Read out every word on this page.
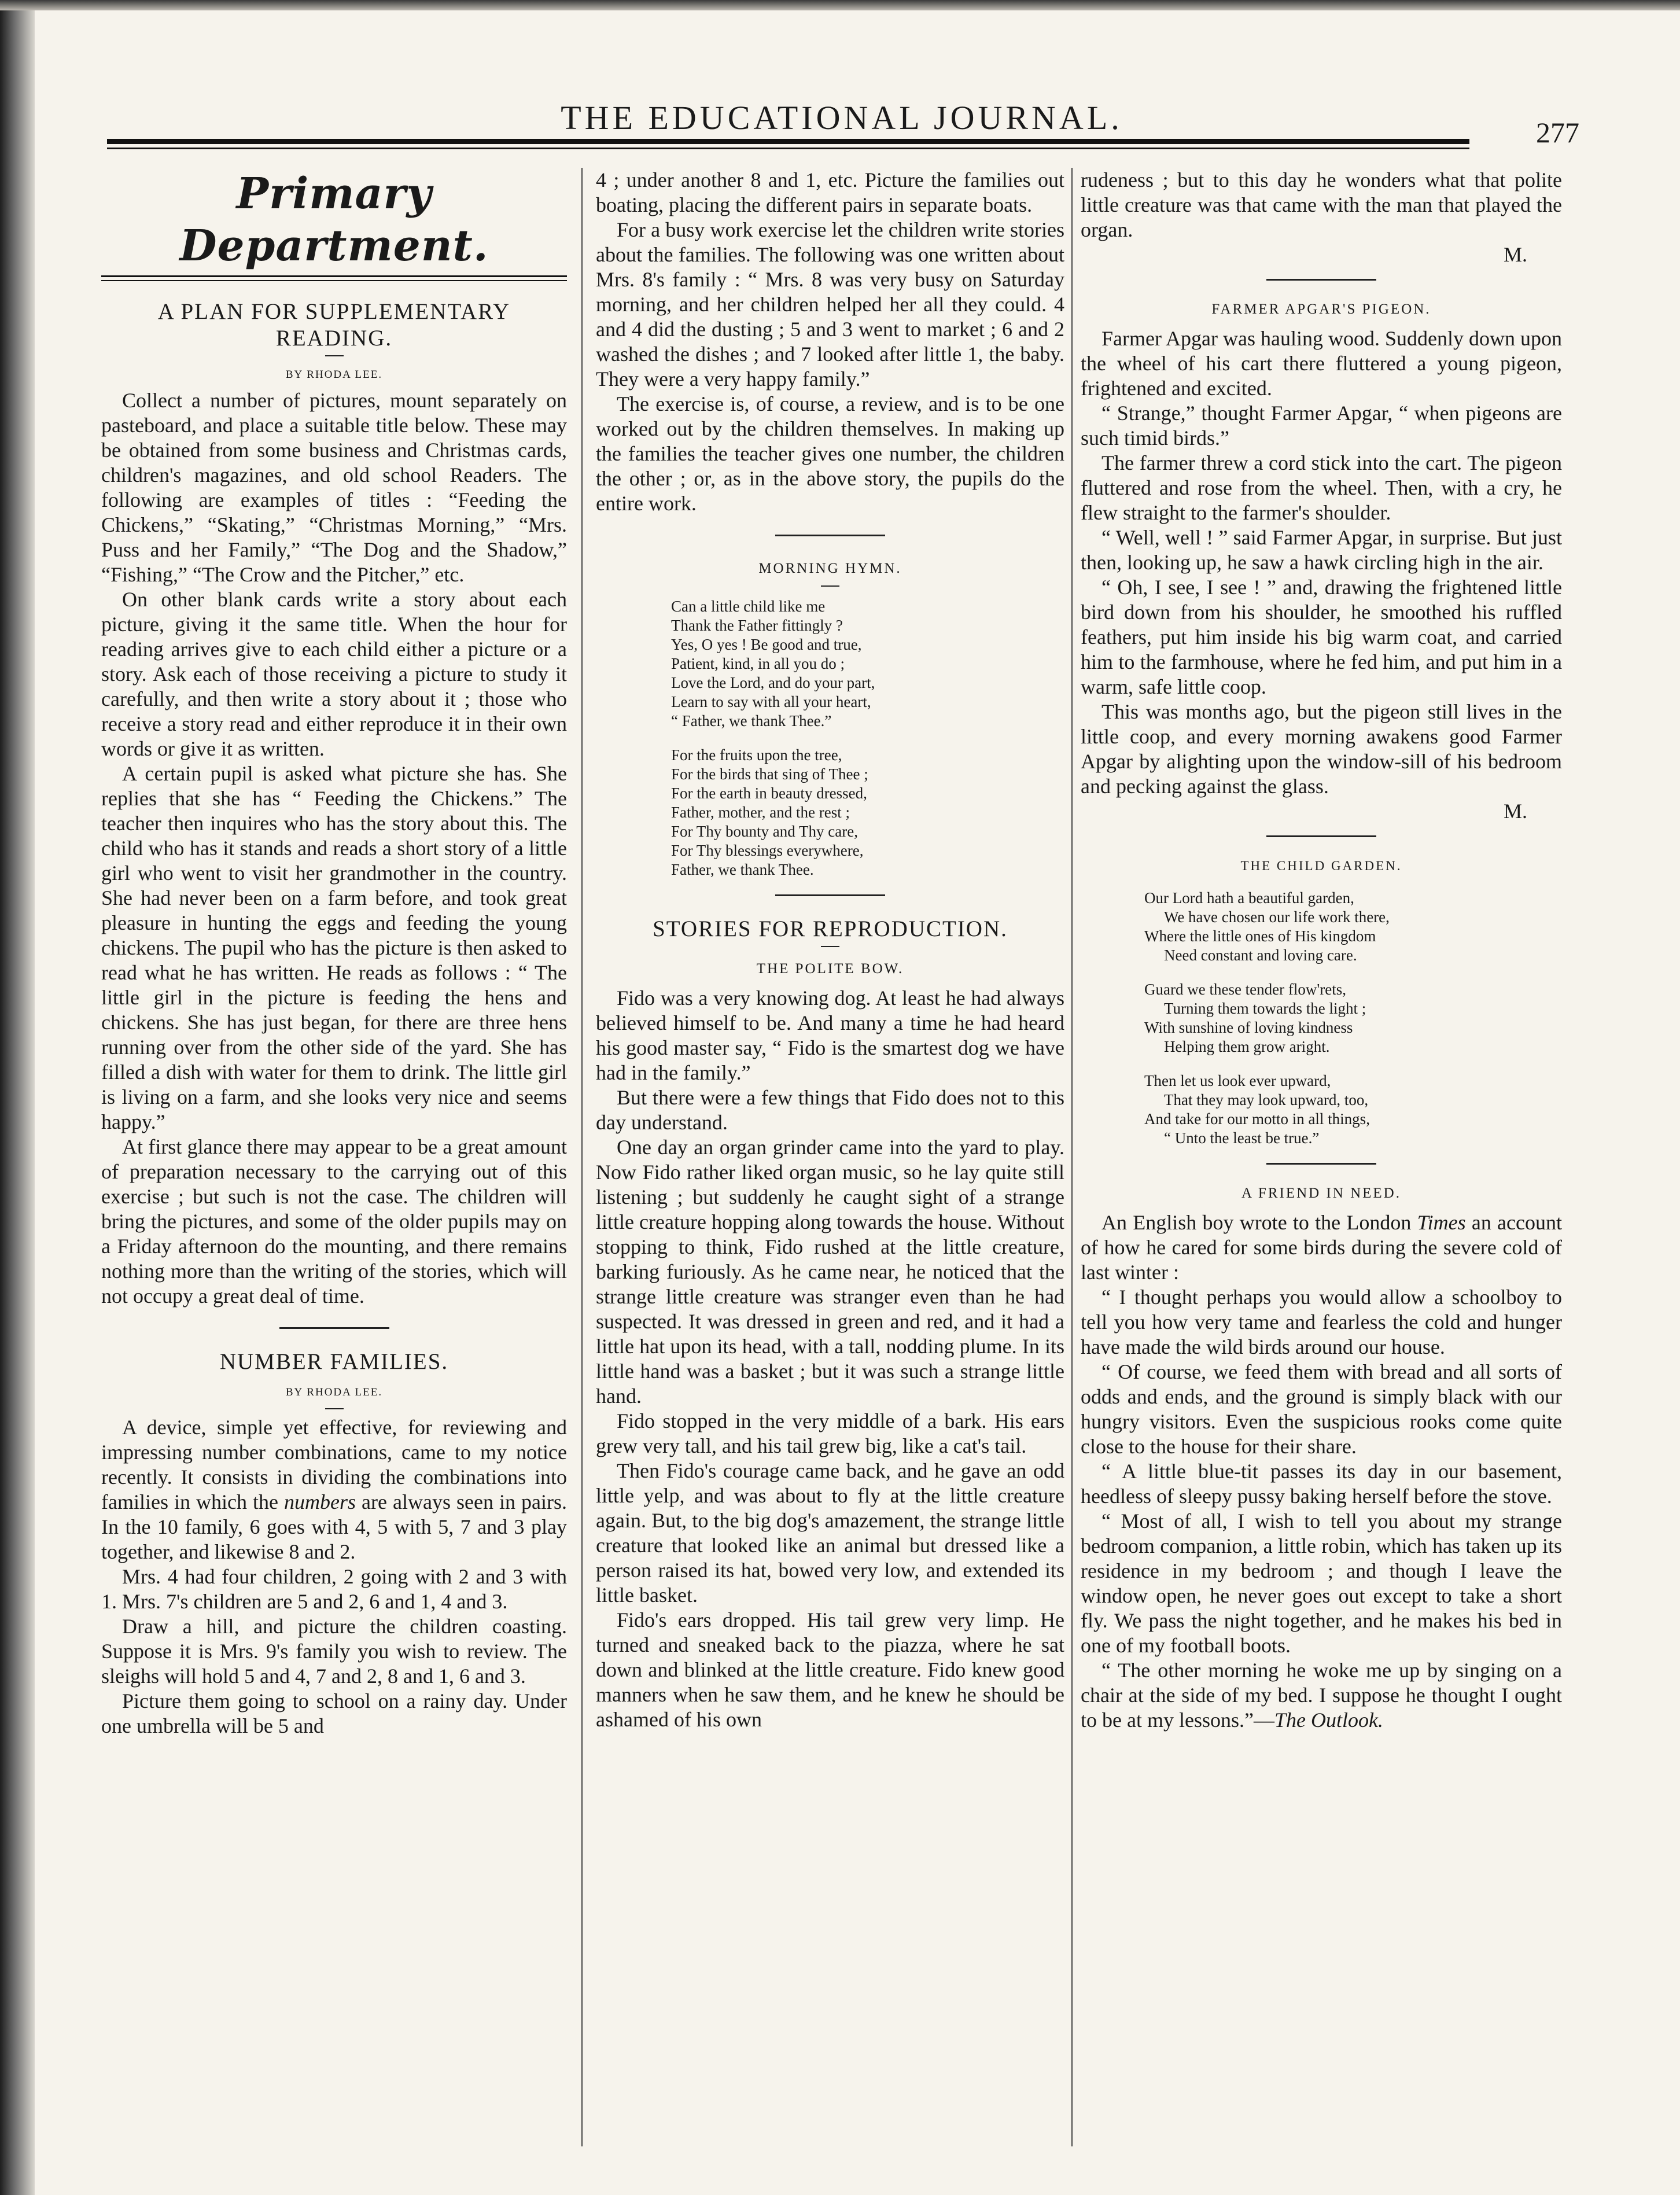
THE EDUCATIONAL JOURNAL.	277
Primary Department.
A PLAN FOR SUPPLEMENTARY READING.
BY RHODA LEE.

Collect a number of pictures, mount separately on pasteboard, and place a suitable title below. These may be obtained from some business and Christmas cards, children's magazines, and old school Readers. The following are examples of titles : “Feeding the Chickens,” “Skating,” “Christmas Morning,” “Mrs. Puss and her Family,” “The Dog and the Shadow,” “Fishing,” “The Crow and the Pitcher,” etc.

On other blank cards write a story about each picture, giving it the same title. When the hour for reading arrives give to each child either a picture or a story. Ask each of those receiving a picture to study it carefully, and then write a story about it ; those who receive a story read and either reproduce it in their own words or give it as written.

A certain pupil is asked what picture she has. She replies that she has “ Feeding the Chickens.” The teacher then inquires who has the story about this. The child who has it stands and reads a short story of a little girl who went to visit her grandmother in the country. She had never been on a farm before, and took great pleasure in hunting the eggs and feeding the young chickens. The pupil who has the picture is then asked to read what he has written. He reads as follows : “ The little girl in the picture is feeding the hens and chickens. She has just began, for there are three hens running over from the other side of the yard. She has filled a dish with water for them to drink. The little girl is living on a farm, and she looks very nice and seems happy.”

At first glance there may appear to be a great amount of preparation necessary to the carrying out of this exercise ; but such is not the case. The children will bring the pictures, and some of the older pupils may on a Friday afternoon do the mounting, and there remains nothing more than the writing of the stories, which will not occupy a great deal of time.

NUMBER FAMILIES.
BY RHODA LEE.

A device, simple yet effective, for reviewing and impressing number combinations, came to my notice recently. It consists in dividing the combinations into families in which the numbers are always seen in pairs. In the 10 family, 6 goes with 4, 5 with 5, 7 and 3 play together, and likewise 8 and 2.

Mrs. 4 had four children, 2 going with 2 and 3 with 1. Mrs. 7's children are 5 and 2, 6 and 1, 4 and 3.

Draw a hill, and picture the children coasting. Suppose it is Mrs. 9's family you wish to review. The sleighs will hold 5 and 4, 7 and 2, 8 and 1, 6 and 3.

Picture them going to school on a rainy day. Under one umbrella will be 5 and

4 ; under another 8 and 1, etc. Picture the families out boating, placing the different pairs in separate boats.

For a busy work exercise let the children write stories about the families. The following was one written about Mrs. 8's family : “ Mrs. 8 was very busy on Saturday morning, and her children helped her all they could. 4 and 4 did the dusting ; 5 and 3 went to market ; 6 and 2 washed the dishes ; and 7 looked after little 1, the baby. They were a very happy family.”

The exercise is, of course, a review, and is to be one worked out by the children themselves. In making up the families the teacher gives one number, the children the other ; or, as in the above story, the pupils do the entire work.

MORNING HYMN.
Can a little child like me
Thank the Father fittingly ?
Yes, O yes ! Be good and true,
Patient, kind, in all you do ;
Love the Lord, and do your part,
Learn to say with all your heart,
“ Father, we thank Thee.”
For the fruits upon the tree,
For the birds that sing of Thee ;
For the earth in beauty dressed,
Father, mother, and the rest ;
For Thy bounty and Thy care,
For Thy blessings everywhere,
Father, we thank Thee.
STORIES FOR REPRODUCTION.
THE POLITE BOW.

Fido was a very knowing dog. At least he had always believed himself to be. And many a time he had heard his good master say, “ Fido is the smartest dog we have had in the family.”

But there were a few things that Fido does not to this day understand.

One day an organ grinder came into the yard to play. Now Fido rather liked organ music, so he lay quite still listening ; but suddenly he caught sight of a strange little creature hopping along towards the house. Without stopping to think, Fido rushed at the little creature, barking furiously. As he came near, he noticed that the strange little creature was stranger even than he had suspected. It was dressed in green and red, and it had a little hat upon its head, with a tall, nodding plume. In its little hand was a basket ; but it was such a strange little hand.

Fido stopped in the very middle of a bark. His ears grew very tall, and his tail grew big, like a cat's tail.

Then Fido's courage came back, and he gave an odd little yelp, and was about to fly at the little creature again. But, to the big dog's amazement, the strange little creature that looked like an animal but dressed like a person raised its hat, bowed very low, and extended its little basket.

Fido's ears dropped. His tail grew very limp. He turned and sneaked back to the piazza, where he sat down and blinked at the little creature. Fido knew good manners when he saw them, and he knew he should be ashamed of his own

rudeness ; but to this day he wonders what that polite little creature was that came with the man that played the organ.

M.

FARMER APGAR'S PIGEON.

Farmer Apgar was hauling wood. Suddenly down upon the wheel of his cart there fluttered a young pigeon, frightened and excited.

“ Strange,” thought Farmer Apgar, “ when pigeons are such timid birds.”

The farmer threw a cord stick into the cart. The pigeon fluttered and rose from the wheel. Then, with a cry, he flew straight to the farmer's shoulder.

“ Well, well ! ” said Farmer Apgar, in surprise. But just then, looking up, he saw a hawk circling high in the air.

“ Oh, I see, I see ! ” and, drawing the frightened little bird down from his shoulder, he smoothed his ruffled feathers, put him inside his big warm coat, and carried him to the farmhouse, where he fed him, and put him in a warm, safe little coop.

This was months ago, but the pigeon still lives in the little coop, and every morning awakens good Farmer Apgar by alighting upon the window-sill of his bedroom and pecking against the glass.

M.

THE CHILD GARDEN.
Our Lord hath a beautiful garden,
We have chosen our life work there,
Where the little ones of His kingdom
Need constant and loving care.
Guard we these tender flow'rets,
Turning them towards the light ;
With sunshine of loving kindness
Helping them grow aright.
Then let us look ever upward,
That they may look upward, too,
And take for our motto in all things,
“ Unto the least be true.”
A FRIEND IN NEED.

An English boy wrote to the London Times an account of how he cared for some birds during the severe cold of last winter :

“ I thought perhaps you would allow a schoolboy to tell you how very tame and fearless the cold and hunger have made the wild birds around our house.

“ Of course, we feed them with bread and all sorts of odds and ends, and the ground is simply black with our hungry visitors. Even the suspicious rooks come quite close to the house for their share.

“ A little blue-tit passes its day in our basement, heedless of sleepy pussy baking herself before the stove.

“ Most of all, I wish to tell you about my strange bedroom companion, a little robin, which has taken up its residence in my bedroom ; and though I leave the window open, he never goes out except to take a short fly. We pass the night together, and he makes his bed in one of my football boots.

“ The other morning he woke me up by singing on a chair at the side of my bed. I suppose he thought I ought to be at my lessons.”—The Outlook.
